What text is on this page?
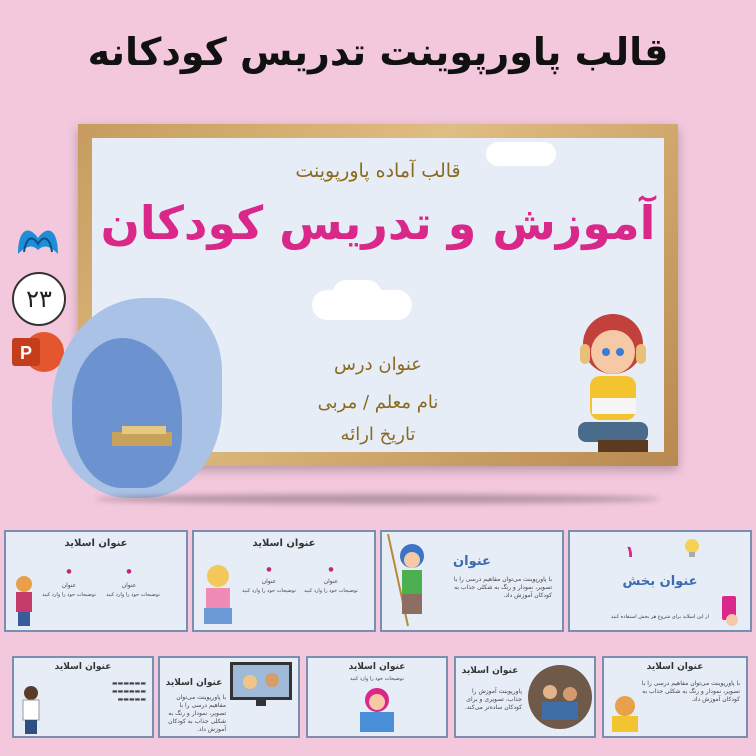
قالب پاورپوینت تدریس کودکانه
۲۳
P
قالب آماده پاورپوینت
آموزش و تدریس کودکان
عنوان درس
نام معلم / مربی
تاریخ ارائه
عنوان اسلاید
●	●
عنوان	عنوان
توضیحات خود را وارد کنید	توضیحات خود را وارد کنید
عنوان اسلاید
●	●
عنوان	عنوان
توضیحات خود را وارد کنید	توضیحات خود را وارد کنید
عنوان
با پاورپوینت می‌توان مفاهیم درسی را با تصویر، نمودار و رنگ به شکلی جذاب به کودکان آموزش داد.
۱
عنوان بخش
از این اسلاید برای شروع هر بخش استفاده کنید
عنوان اسلاید
▬▬▬▬▬▬
▬▬▬▬▬▬
▬▬▬▬▬
عنوان اسلاید
با پاورپوینت می‌توان مفاهیم درسی را با تصویر، نمودار و رنگ به شکلی جذاب به کودکان آموزش داد.
عنوان اسلاید
توضیحات خود را وارد کنید
عنوان اسلاید
پاورپوینت آموزش را جذاب، تصویری و برای کودکان ساده‌تر می‌کند.
عنوان اسلاید
با پاورپوینت می‌توان مفاهیم درسی را با تصویر، نمودار و رنگ به شکلی جذاب به کودکان آموزش داد.
